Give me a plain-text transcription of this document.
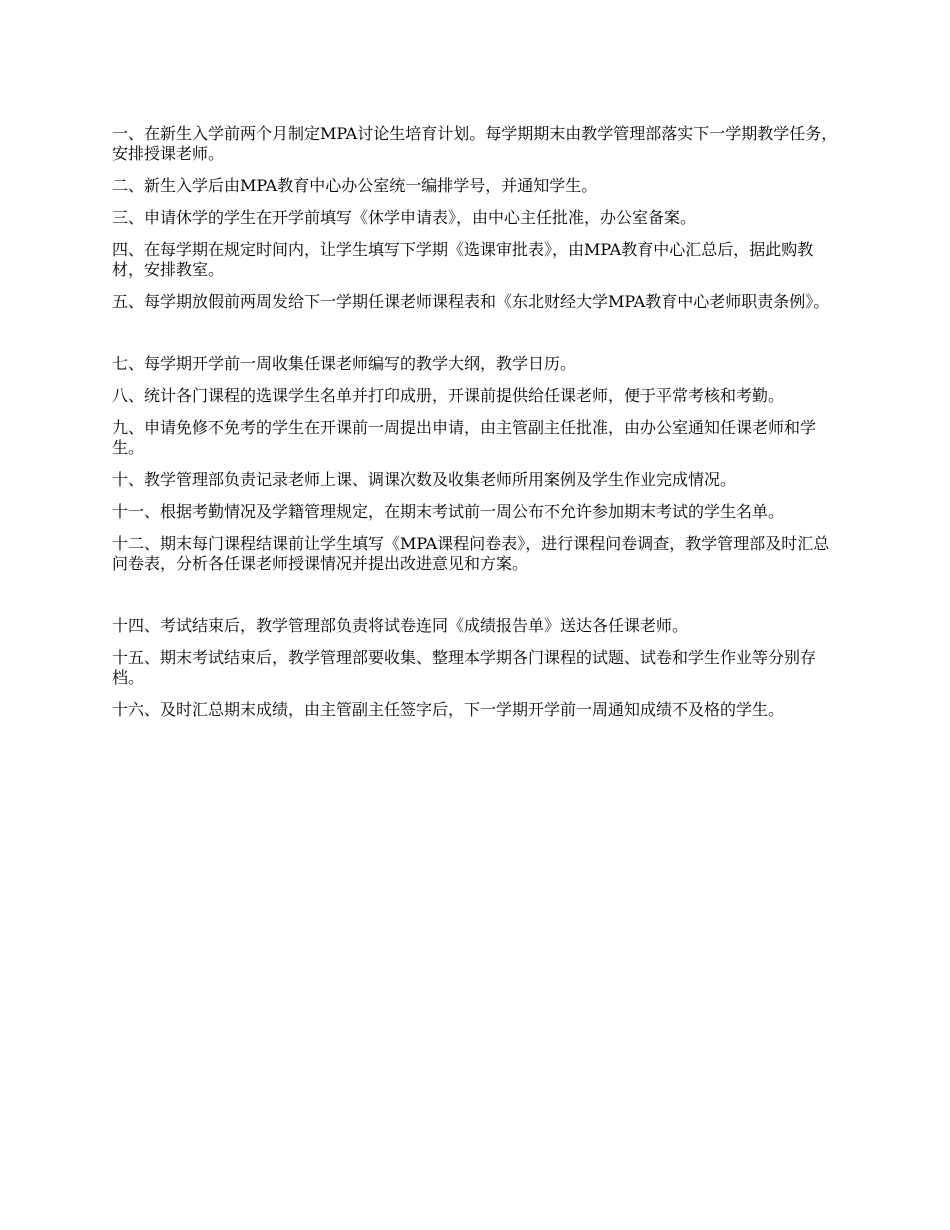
一、在新生入学前两个月制定MPA讨论生培育计划。每学期期末由教学管理部落实下一学期教学任务，安排授课老师。

二、新生入学后由MPA教育中心办公室统一编排学号，并通知学生。

三、申请休学的学生在开学前填写《休学申请表》，由中心主任批准，办公室备案。

四、在每学期在规定时间内，让学生填写下学期《选课审批表》，由MPA教育中心汇总后，据此购教材，安排教室。

五、每学期放假前两周发给下一学期任课老师课程表和《东北财经大学MPA教育中心老师职责条例》。

七、每学期开学前一周收集任课老师编写的教学大纲，教学日历。

八、统计各门课程的选课学生名单并打印成册，开课前提供给任课老师，便于平常考核和考勤。

九、申请免修不免考的学生在开课前一周提出申请，由主管副主任批准，由办公室通知任课老师和学生。

十、教学管理部负责记录老师上课、调课次数及收集老师所用案例及学生作业完成情况。

十一、根据考勤情况及学籍管理规定，在期末考试前一周公布不允许参加期末考试的学生名单。

十二、期末每门课程结课前让学生填写《MPA课程问卷表》，进行课程问卷调查，教学管理部及时汇总问卷表，分析各任课老师授课情况并提出改进意见和方案。

十四、考试结束后，教学管理部负责将试卷连同《成绩报告单》送达各任课老师。

十五、期末考试结束后，教学管理部要收集、整理本学期各门课程的试题、试卷和学生作业等分别存档。

十六、及时汇总期末成绩，由主管副主任签字后，下一学期开学前一周通知成绩不及格的学生。
